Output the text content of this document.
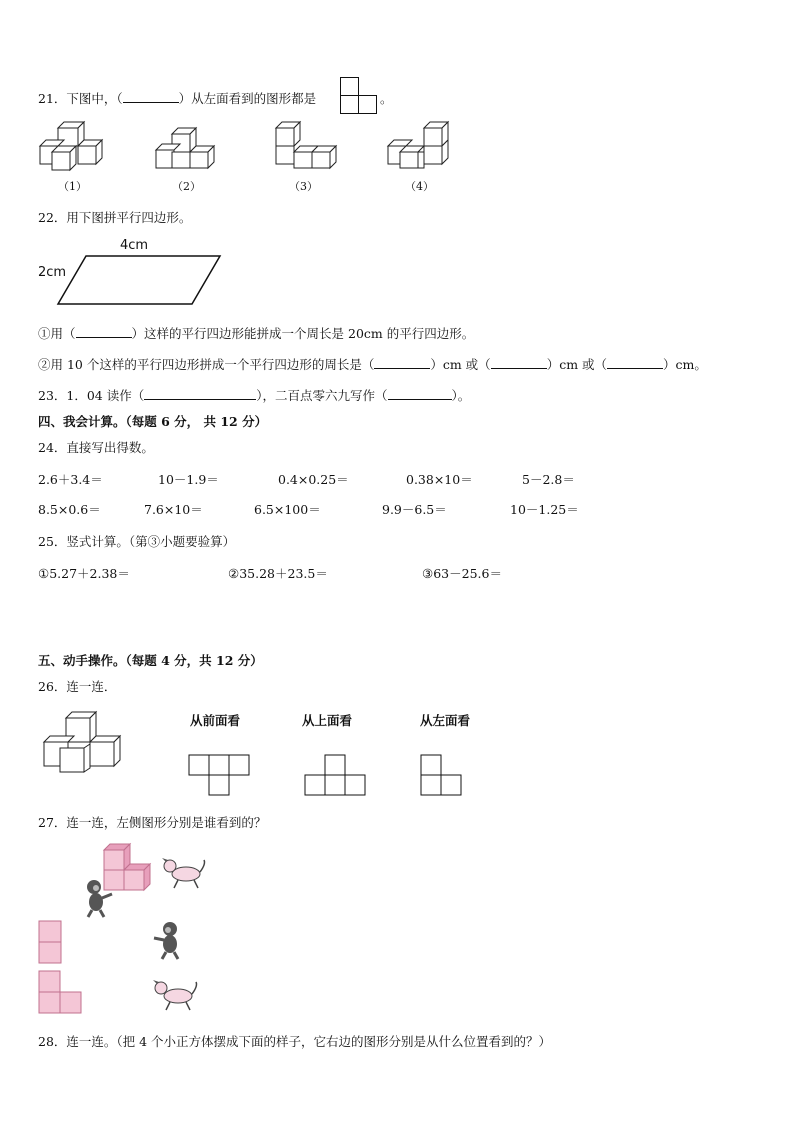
21．下图中，（	）从左面看到的图形都是	。
（1）	（2）	（3）	（4）
22．用下图拼平行四边形。
4cm
2cm
①用（	）这样的平行四边形能拼成一个周长是 20cm 的平行四边形。
②用 10 个这样的平行四边形拼成一个平行四边形的周长是（	）cm 或（	）cm 或（	）cm。
23．1．04 读作（	），二百点零六九写作（	）。
四、我会计算。（每题 6 分， 共 12 分）
24．直接写出得数。
2.6＋3.4＝	10－1.9＝	0.4×0.25＝	0.38×10＝	5－2.8＝
8.5×0.6＝	7.6×10＝	6.5×100＝	9.9－6.5＝	10－1.25＝
25．竖式计算。（第③小题要验算）
①5.27＋2.38＝	②35.28＋23.5＝	③63－25.6＝
五、动手操作。（每题 4 分，共 12 分）
26．连一连．
从前面看	从上面看	从左面看
27．连一连，左侧图形分别是谁看到的？
28．连一连。（把 4 个小正方体摆成下面的样子，它右边的图形分别是从什么位置看到的？）
